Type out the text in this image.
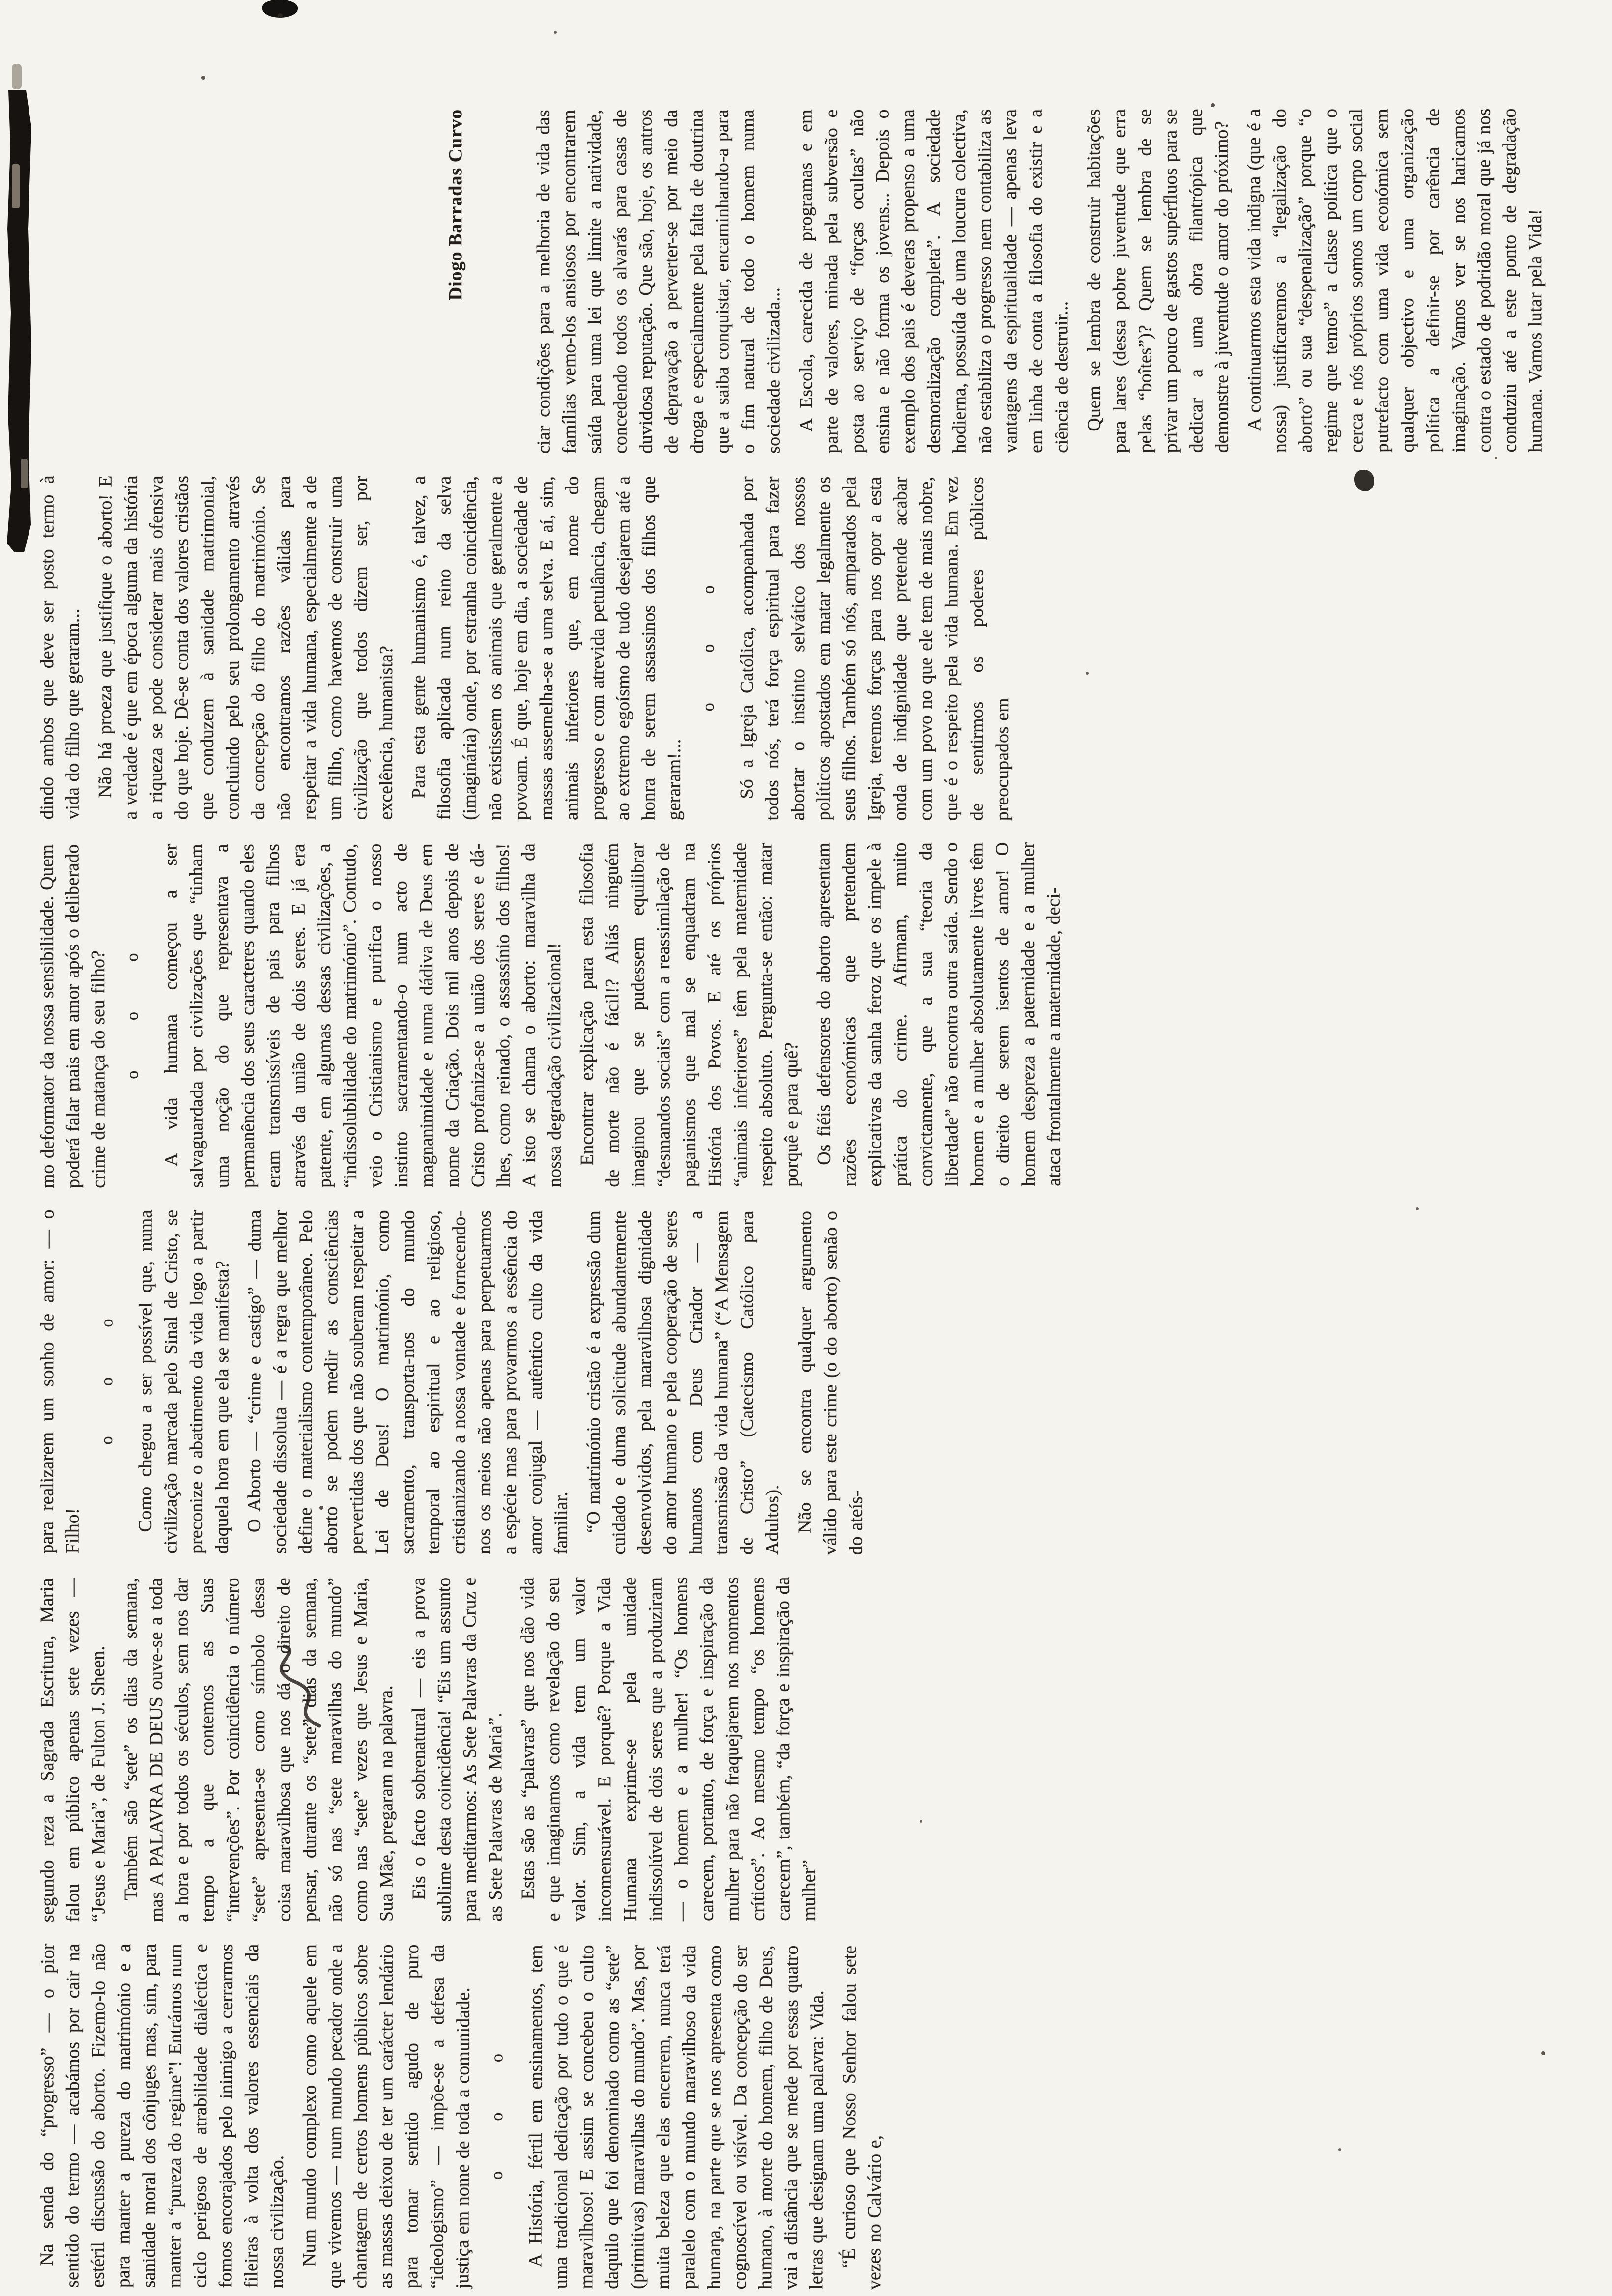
Diogo Barradas Curvo

Na senda do “progresso” — o pior sentido do termo — acabámos por cair na estéril discussão do aborto. Fizemo-lo não para manter a pureza do matrimónio e a sanidade moral dos cônjuges mas, sim, para manter a “pureza do regime”! Entrámos num ciclo perigoso de atrabilidade dialéctica e fomos encorajados pelo inimigo a cerrarmos fileiras à volta dos valores essenciais da nossa civilização. Num mundo complexo como aquele em que vivemos — num mundo pecador onde a chantagem de certos homens públicos sobre as massas deixou de ter um carácter lendário para tomar sentido agudo de puro “ideologismo” — impõe-se a defesa da justiça em nome de toda a comunidade. o o o A História, fértil em ensinamentos, tem uma tradicional dedicação por tudo o que é maravilhoso! E assim se concebeu o culto daquilo que foi denominado como as “sete” (primitivas) maravilhas do mundo”. Mas, por muita beleza que elas encerrem, nunca terá paralelo com o mundo maravilhoso da vida humana, na parte que se nos apresenta como cognoscível ou visível. Da concepção do ser humano, à morte do homem, filho de Deus, vai a distância que se mede por essas quatro letras que designam uma palavra: Vida. “É curioso que Nosso Senhor falou sete vezes no Calvário e,

segundo reza a Sagrada Escritura, Maria falou em público apenas sete vezes — “Jesus e Maria”, de Fulton J. Sheen. Também são “sete” os dias da semana, mas A PALAVRA DE DEUS ouve-se a toda a hora e por todos os séculos, sem nos dar tempo a que contemos as Suas “intervenções”. Por coincidência o número “sete” apresenta-se como símbolo dessa coisa maravilhosa que nos dá o direito de pensar, durante os “sete” dias da semana, não só nas “sete maravilhas do mundo” como nas “sete” vezes que Jesus e Maria, Sua Mãe, pregaram na palavra. Eis o facto sobrenatural — eis a prova sublime desta coincidência! “Eis um assunto para meditarmos: As Sete Palavras da Cruz e as Sete Palavras de Maria”. Estas são as “palavras” que nos dão vida e que imaginamos como revelação do seu valor. Sim, a vida tem um valor incomensurável. E porquê? Porque a Vida Humana exprime-se pela unidade indissolúvel de dois seres que a produziram — o homem e a mulher! “Os homens carecem, portanto, de força e inspiração da mulher para não fraquejarem nos momentos críticos”. Ao mesmo tempo “os homens carecem”, também, “da força e inspiração da mulher”

para realizarem um sonho de amor: — o Filho!

o o o Como chegou a ser possível que, numa civilização marcada pelo Sinal de Cristo, se preconize o abatimento da vida logo a partir daquela hora em que ela se manifesta? O Aborto — “crime e castigo” — duma sociedade dissoluta — é a regra que melhor define o materialismo contemporâneo. Pelo aborto se podem medir as consciências pervertidas dos que não souberam respeitar a Lei de Deus! O matrimónio, como sacramento, transporta-nos do mundo temporal ao espiritual e ao religioso, cristianizando a nossa vontade e fornecendo-nos os meios não apenas para perpetuarmos a espécie mas para provarmos a essência do amor conjugal — autêntico culto da vida familiar. “O matrimónio cristão é a expressão dum cuidado e duma solicitude abundantemente desenvolvidos, pela maravilhosa dignidade do amor humano e pela cooperação de seres humanos com Deus Criador — a transmissão da vida humana” (“A Mensagem de Cristo” (Catecismo Católico para Adultos). Não se encontra qualquer argumento válido para este crime (o do aborto) senão o do ateís-

mo deformator da nossa sensibilidade. Quem poderá falar mais em amor após o deliberado crime de matança do seu filho? o o o A vida humana começou a ser salvaguardada por civilizações que “tinham uma noção do que representava a permanência dos seus caracteres quando eles eram transmissíveis de pais para filhos através da união de dois seres. E já era patente, em algumas dessas civilizações, a “indissolubilidade do matrimónio”. Contudo, veio o Cristianismo e purifica o nosso instinto sacramentando-o num acto de magnanimidade e numa dádiva de Deus em nome da Criação. Dois mil anos depois de Cristo profaniza-se a união dos seres e dá-lhes, como reinado, o assassínio dos filhos! A isto se chama o aborto: maravilha da nossa degradação civilizacional! Encontrar explicação para esta filosofia de morte não é fácil!? Aliás ninguém imaginou que se pudessem equilibrar “desmandos sociais” com a reassimilação de paganismos que mal se enquadram na História dos Povos. E até os próprios “animais inferiores” têm pela maternidade respeito absoluto. Pergunta-se então: matar porquê e para quê? Os fiéis defensores do aborto apresentam razões económicas que pretendem explicativas da sanha feroz que os impele à prática do crime. Afirmam, muito convictamente, que a sua “teoria da liberdade” não encontra outra saída. Sendo o homem e a mulher absolutamente livres têm o direito de serem isentos de amor! O homem despreza a paternidade e a mulher ataca frontalmente a maternidade, deci-

dindo ambos que deve ser posto termo à vida do filho que geraram... Não há proeza que justifique o aborto! E a verdade é que em época alguma da história a riqueza se pode considerar mais ofensiva do que hoje. Dê-se conta dos valores cristãos que conduzem à sanidade matrimonial, concluindo pelo seu prolongamento através da concepção do filho do matrimónio. Se não encontramos razões válidas para respeitar a vida humana, especialmente a de um filho, como havemos de construir uma civilização que todos dizem ser, por excelência, humanista? Para esta gente humanismo é, talvez, a filosofia aplicada num reino da selva (imaginária) onde, por estranha coincidência, não existissem os animais que geralmente a povoam. É que, hoje em dia, a sociedade de massas assemelha-se a uma selva. E aí, sim, animais inferiores que, em nome do progresso e com atrevida petulância, chegam ao extremo egoísmo de tudo desejarem até a honra de serem assassinos dos filhos que geraram!...

o o o Só a Igreja Católica, acompanhada por todos nós, terá força espiritual para fazer abortar o instinto selvático dos nossos políticos apostados em matar legalmente os seus filhos. Também só nós, amparados pela Igreja, teremos forças para nos opor a esta onda de indignidade que pretende acabar com um povo no que ele tem de mais nobre, que é o respeito pela vida humana. Em vez de sentirmos os poderes públicos preocupados em

ciar condições para a melhoria de vida das famílias vemo-los ansiosos por encontrarem saída para uma lei que limite a natividade, concedendo todos os alvarás para casas de duvidosa reputação. Que são, hoje, os antros de depravação a perverter-se por meio da droga e especialmente pela falta de doutrina que a saiba conquistar, encaminhando-a para o fim natural de todo o homem numa sociedade civilizada... A Escola, carecida de programas e em parte de valores, minada pela subversão e posta ao serviço de “forças ocultas” não ensina e não forma os jovens... Depois o exemplo dos pais é deveras propenso a uma desmoralização completa”. A sociedade hodierna, possuída de uma loucura colectiva, não estabiliza o progresso nem contabiliza as vantagens da espiritualidade — apenas leva em linha de conta a filosofia do existir e a ciência de destruir... Quem se lembra de construir habitações para lares (dessa pobre juventude que erra pelas “boîtes”)? Quem se lembra de se privar um pouco de gastos supérfluos para se dedicar a uma obra filantrópica que demonstre à juventude o amor do próximo? A continuarmos esta vida indigna (que é a nossa) justificaremos a “legalização do aborto” ou sua “despenalização” porque “o regime que temos” a classe política que o cerca e nós próprios somos um corpo social putrefacto com uma vida económica sem qualquer objectivo e uma organização política a definir-se por carência de imaginação. Vamos ver se nos haricamos contra o estado de podridão moral que já nos conduziu até a este ponto de degradação humana. Vamos lutar pela Vida!
